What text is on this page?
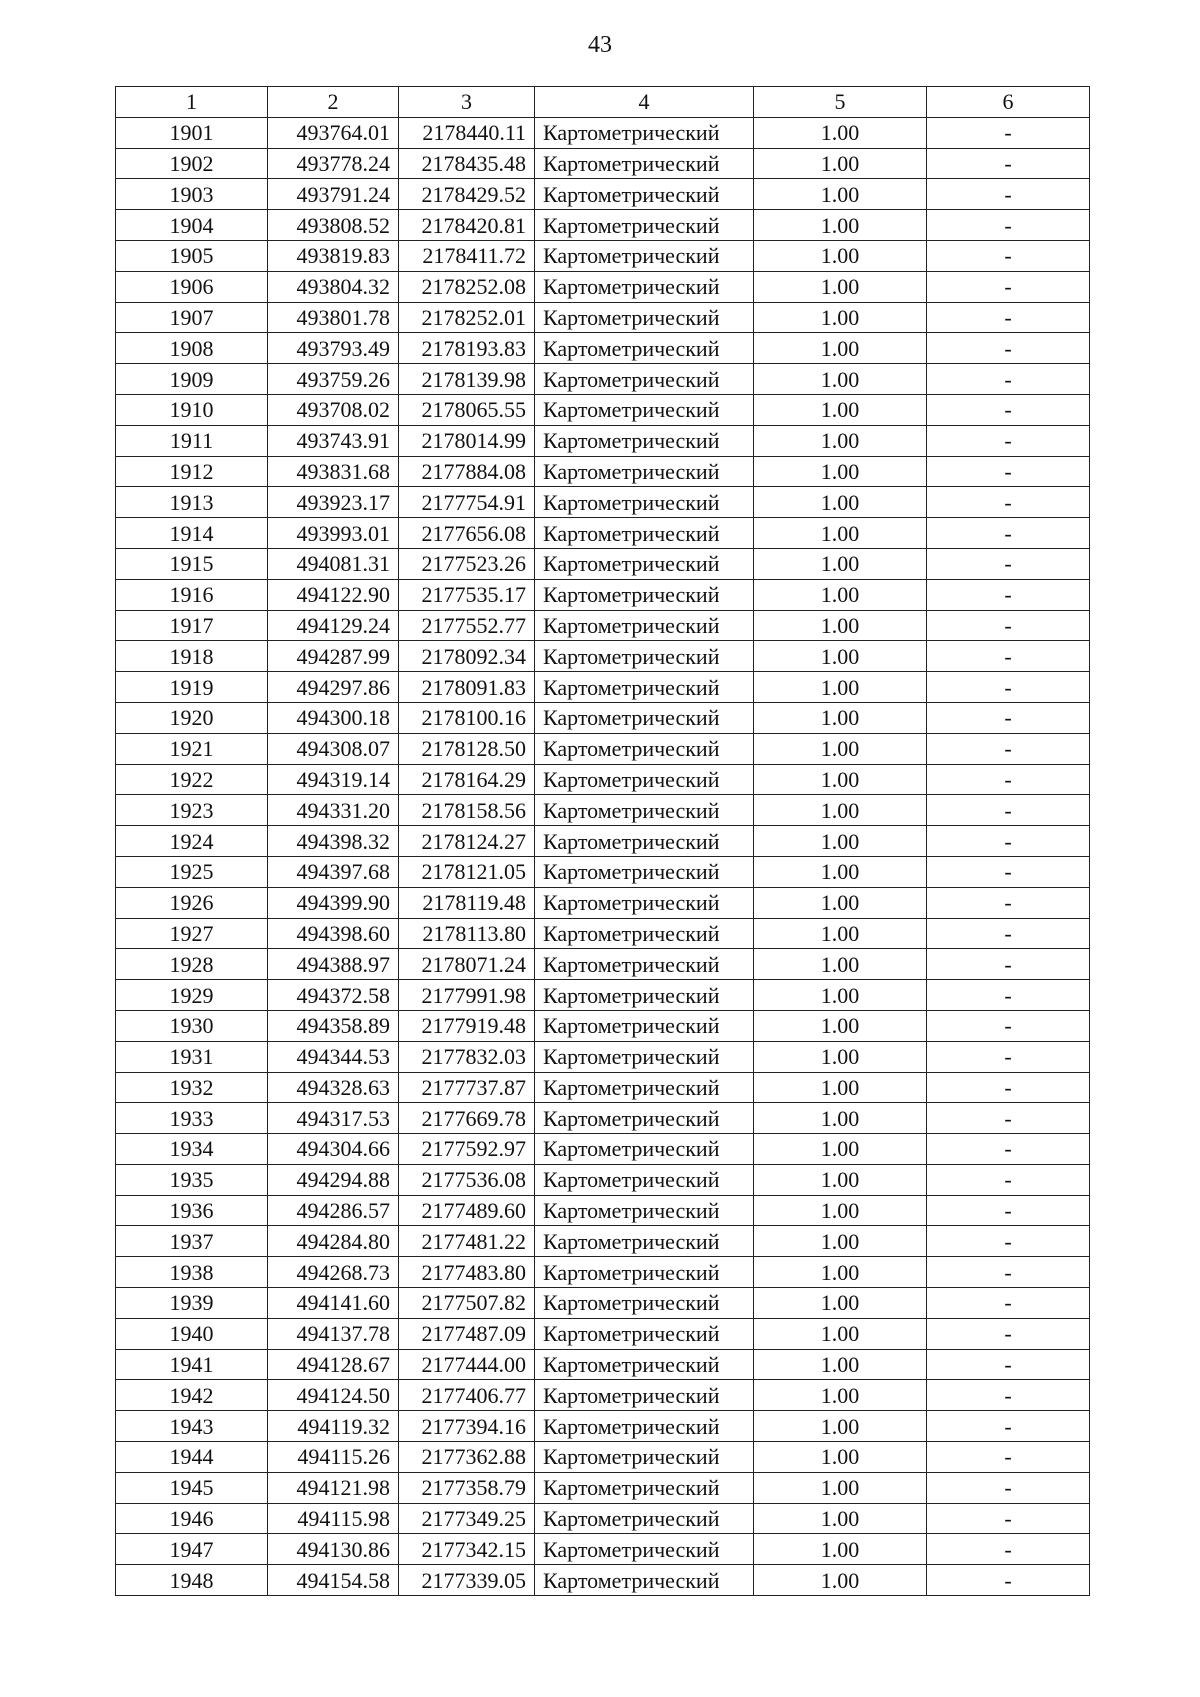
43
1	2	3	4	5	6
1901	493764.01	2178440.11	Картометрический	1.00	-
1902	493778.24	2178435.48	Картометрический	1.00	-
1903	493791.24	2178429.52	Картометрический	1.00	-
1904	493808.52	2178420.81	Картометрический	1.00	-
1905	493819.83	2178411.72	Картометрический	1.00	-
1906	493804.32	2178252.08	Картометрический	1.00	-
1907	493801.78	2178252.01	Картометрический	1.00	-
1908	493793.49	2178193.83	Картометрический	1.00	-
1909	493759.26	2178139.98	Картометрический	1.00	-
1910	493708.02	2178065.55	Картометрический	1.00	-
1911	493743.91	2178014.99	Картометрический	1.00	-
1912	493831.68	2177884.08	Картометрический	1.00	-
1913	493923.17	2177754.91	Картометрический	1.00	-
1914	493993.01	2177656.08	Картометрический	1.00	-
1915	494081.31	2177523.26	Картометрический	1.00	-
1916	494122.90	2177535.17	Картометрический	1.00	-
1917	494129.24	2177552.77	Картометрический	1.00	-
1918	494287.99	2178092.34	Картометрический	1.00	-
1919	494297.86	2178091.83	Картометрический	1.00	-
1920	494300.18	2178100.16	Картометрический	1.00	-
1921	494308.07	2178128.50	Картометрический	1.00	-
1922	494319.14	2178164.29	Картометрический	1.00	-
1923	494331.20	2178158.56	Картометрический	1.00	-
1924	494398.32	2178124.27	Картометрический	1.00	-
1925	494397.68	2178121.05	Картометрический	1.00	-
1926	494399.90	2178119.48	Картометрический	1.00	-
1927	494398.60	2178113.80	Картометрический	1.00	-
1928	494388.97	2178071.24	Картометрический	1.00	-
1929	494372.58	2177991.98	Картометрический	1.00	-
1930	494358.89	2177919.48	Картометрический	1.00	-
1931	494344.53	2177832.03	Картометрический	1.00	-
1932	494328.63	2177737.87	Картометрический	1.00	-
1933	494317.53	2177669.78	Картометрический	1.00	-
1934	494304.66	2177592.97	Картометрический	1.00	-
1935	494294.88	2177536.08	Картометрический	1.00	-
1936	494286.57	2177489.60	Картометрический	1.00	-
1937	494284.80	2177481.22	Картометрический	1.00	-
1938	494268.73	2177483.80	Картометрический	1.00	-
1939	494141.60	2177507.82	Картометрический	1.00	-
1940	494137.78	2177487.09	Картометрический	1.00	-
1941	494128.67	2177444.00	Картометрический	1.00	-
1942	494124.50	2177406.77	Картометрический	1.00	-
1943	494119.32	2177394.16	Картометрический	1.00	-
1944	494115.26	2177362.88	Картометрический	1.00	-
1945	494121.98	2177358.79	Картометрический	1.00	-
1946	494115.98	2177349.25	Картометрический	1.00	-
1947	494130.86	2177342.15	Картометрический	1.00	-
1948	494154.58	2177339.05	Картометрический	1.00	-
